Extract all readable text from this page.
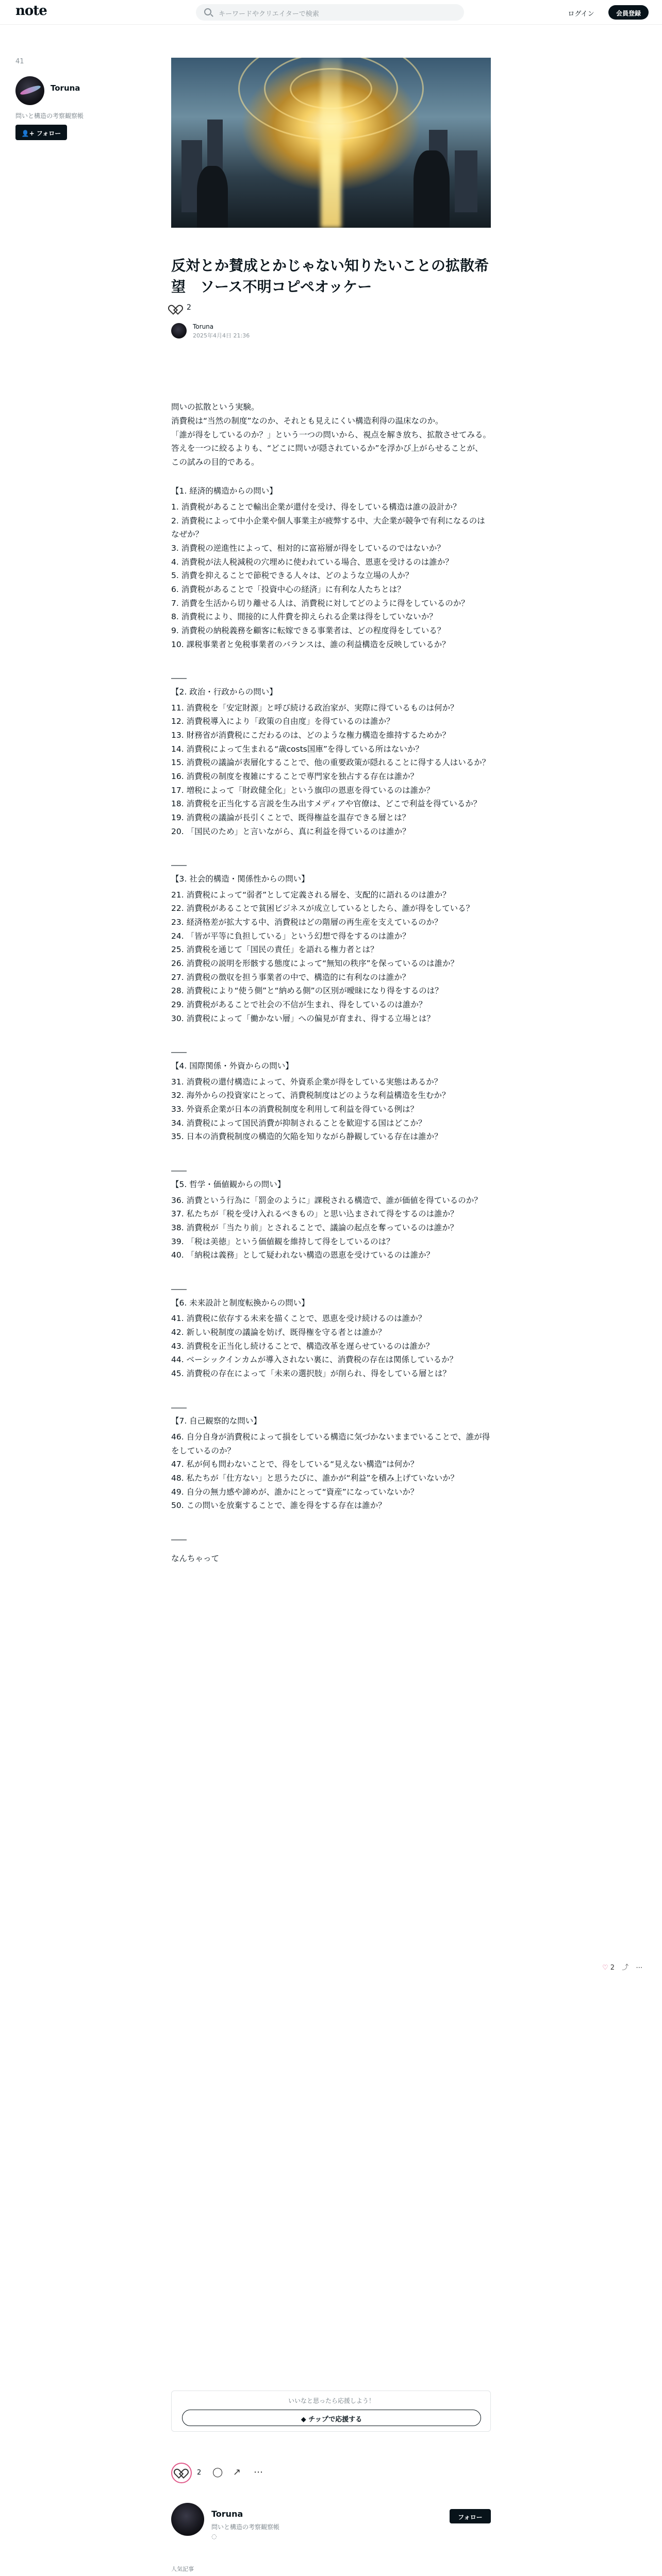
note	キーワードやクリエイターで検索	ログイン	会員登録
41
Toruna
問いと構造の考察観察帳
👤+ フォロー
反対とか賛成とかじゃない知りたいことの拡散希望　ソース不明コピペオッケー
2
Toruna
2025年4月4日 21:36

問いの拡散という実験。

消費税は“当然の制度”なのか、それとも見えにくい構造利得の温床なのか。

「誰が得をしているのか？」という一つの問いから、視点を解き放ち、拡散させてみる。

答えを一つに絞るよりも、“どこに問いが隠されているか”を浮かび上がらせることが、この試みの目的である。

【1. 経済的構造からの問い】

1. 消費税があることで輸出企業が還付を受け、得をしている構造は誰の設計か？

2. 消費税によって中小企業や個人事業主が疲弊する中、大企業が競争で有利になるのはなぜか？

3. 消費税の逆進性によって、相対的に富裕層が得をしているのではないか？

4. 消費税が法人税減税の穴埋めに使われている場合、恩恵を受けるのは誰か？

5. 消費を抑えることで節税できる人々は、どのような立場の人か？

6. 消費税があることで「投資中心の経済」に有利な人たちとは？

7. 消費を生活から切り離せる人は、消費税に対してどのように得をしているのか？

8. 消費税により、間接的に人件費を抑えられる企業は得をしていないか？

9. 消費税の納税義務を顧客に転嫁できる事業者は、どの程度得をしている？

10. 課税事業者と免税事業者のバランスは、誰の利益構造を反映しているか？

――

【2. 政治・行政からの問い】

11. 消費税を「安定財源」と呼び続ける政治家が、実際に得ているものは何か？

12. 消費税導入により「政策の自由度」を得ているのは誰か？

13. 財務省が消費税にこだわるのは、どのような権力構造を維持するためか？

14. 消費税によって生まれる“歳costs国庫”を得している所はないか？

15. 消費税の議論が表層化することで、他の重要政策が隠れることに得する人はいるか？

16. 消費税の制度を複雑にすることで専門家を独占する存在は誰か？

17. 増税によって「財政健全化」という旗印の恩恵を得ているのは誰か？

18. 消費税を正当化する言説を生み出すメディアや官僚は、どこで利益を得ているか？

19. 消費税の議論が長引くことで、既得権益を温存できる層とは？

20. 「国民のため」と言いながら、真に利益を得ているのは誰か？

――

【3. 社会的構造・関係性からの問い】

21. 消費税によって“弱者”として定義される層を、支配的に語れるのは誰か？

22. 消費税があることで貧困ビジネスが成立しているとしたら、誰が得をしている？

23. 経済格差が拡大する中、消費税はどの階層の再生産を支えているのか？

24. 「皆が平等に負担している」という幻想で得をするのは誰か？

25. 消費税を通じて「国民の責任」を語れる権力者とは？

26. 消費税の説明を形骸する態度によって“無知の秩序”を保っているのは誰か？

27. 消費税の徴収を担う事業者の中で、構造的に有利なのは誰か？

28. 消費税により“使う側”と“納める側”の区別が曖昧になり得をするのは？

29. 消費税があることで社会の不信が生まれ、得をしているのは誰か？

30. 消費税によって「働かない層」への偏見が育まれ、得する立場とは？

――

【4. 国際関係・外資からの問い】

31. 消費税の還付構造によって、外資系企業が得をしている実態はあるか？

32. 海外からの投資家にとって、消費税制度はどのような利益構造を生むか？

33. 外資系企業が日本の消費税制度を利用して利益を得ている例は？

34. 消費税によって国民消費が抑制されることを歓迎する国はどこか？

35. 日本の消費税制度の構造的欠陥を知りながら静観している存在は誰か？

――

【5. 哲学・価値観からの問い】

36. 消費という行為に「罰金のように」課税される構造で、誰が価値を得ているのか？

37. 私たちが「税を受け入れるべきもの」と思い込まされて得をするのは誰か？

38. 消費税が「当たり前」とされることで、議論の起点を奪っているのは誰か？

39. 「税は美徳」という価値観を維持して得をしているのは？

40. 「納税は義務」として疑われない構造の恩恵を受けているのは誰か？

――

【6. 未来設計と制度転換からの問い】

41. 消費税に依存する未来を描くことで、恩恵を受け続けるのは誰か？

42. 新しい税制度の議論を妨げ、既得権を守る者とは誰か？

43. 消費税を正当化し続けることで、構造改革を遅らせているのは誰か？

44. ベーシックインカムが導入されない裏に、消費税の存在は関係しているか？

45. 消費税の存在によって「未来の選択肢」が削られ、得をしている層とは？

――

【7. 自己観察的な問い】

46. 自分自身が消費税によって損をしている構造に気づかないままでいることで、誰が得をしているのか？

47. 私が何も問わないことで、得をしている“見えない構造”は何か？

48. 私たちが「仕方ない」と思うたびに、誰かが“利益”を積み上げていないか？

49. 自分の無力感や諦めが、誰かにとって“資産”になっていないか？

50. この問いを放棄することで、誰を得をする存在は誰か？

――

なんちゃって

♡ 2 ⤴ ⋯
いいなと思ったら応援しよう！
◆ チップで応援する
2 ◯ ↗	⋯
Toruna
問いと構造の考察観察帳
◌
フォロー
人気記事
